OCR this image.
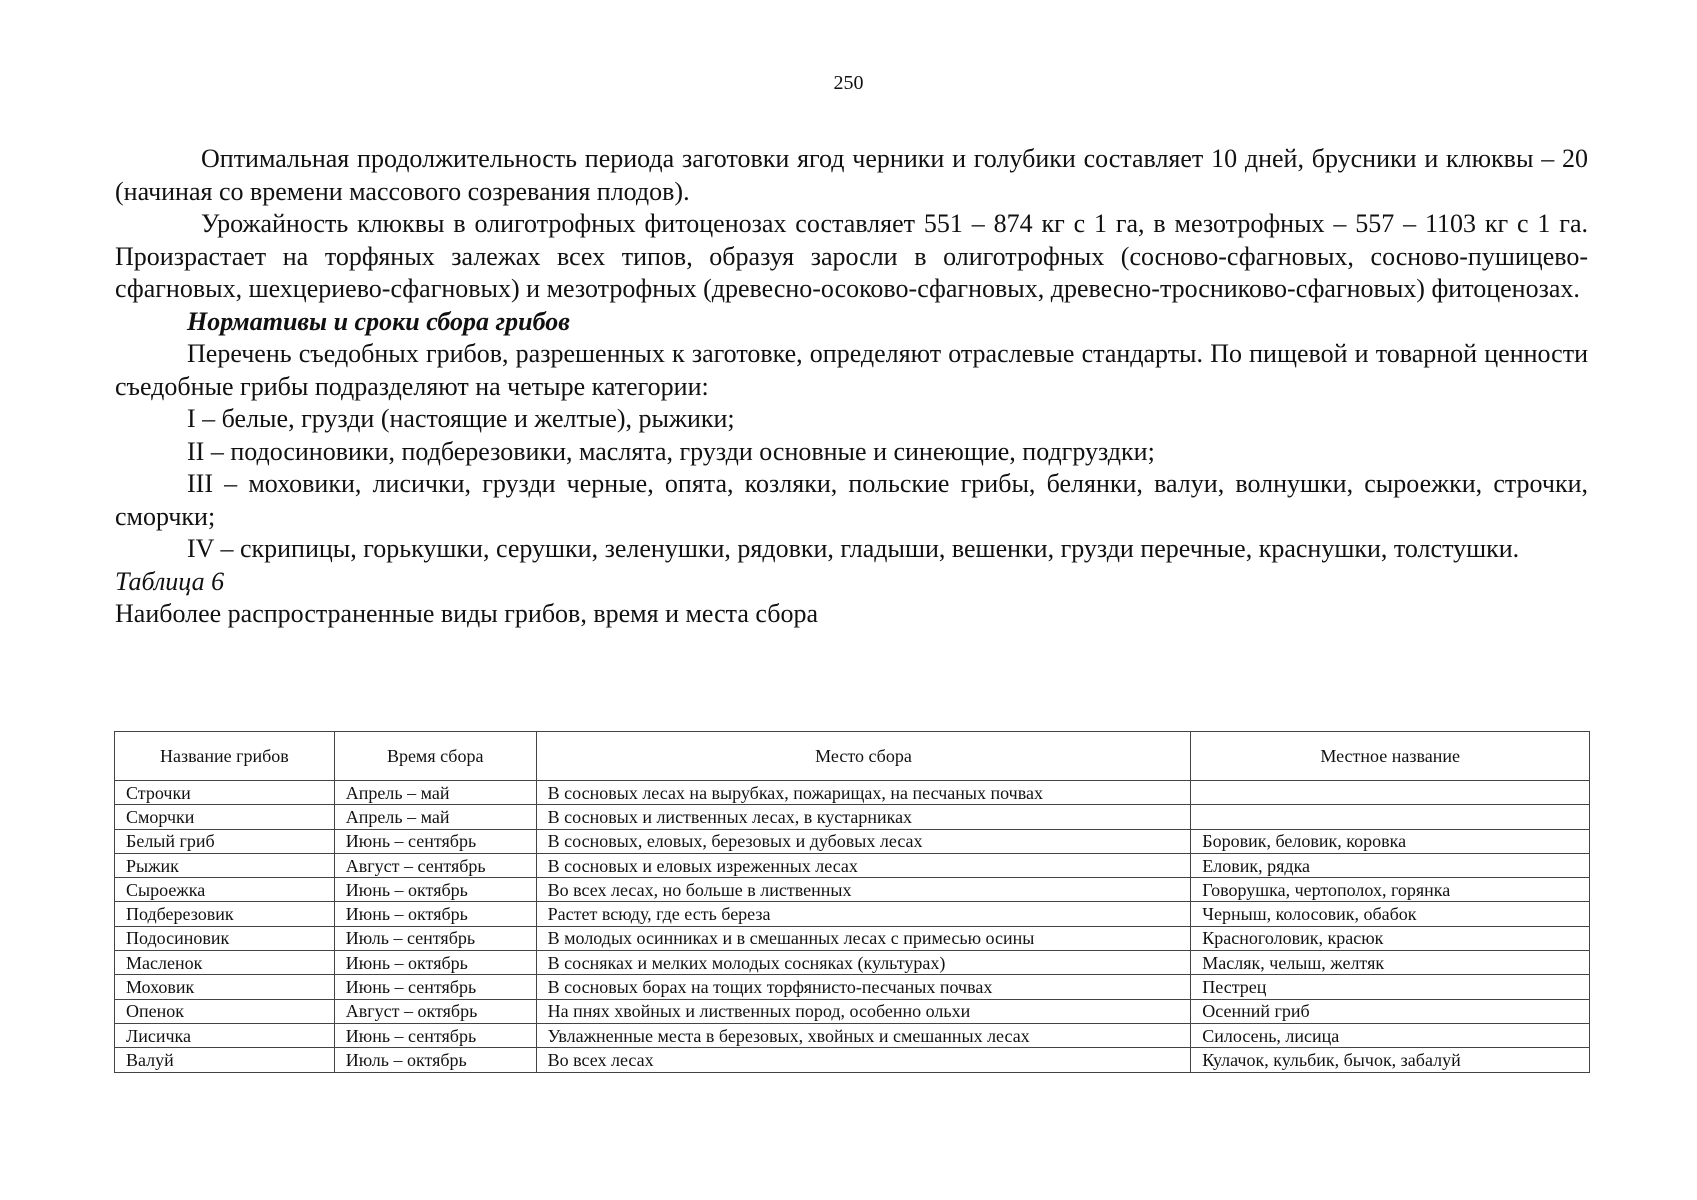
250

Оптимальная продолжительность периода заготовки ягод черники и голубики составляет 10 дней, брусники и клюквы – 20 (начиная со времени массового созревания плодов).

Урожайность клюквы в олиготрофных фитоценозах составляет 551 – 874 кг с 1 га, в мезотрофных – 557 – 1103 кг с 1 га. Произрастает на торфяных залежах всех типов, образуя заросли в олиготрофных (сосново-сфагновых, сосново-пушицево-сфагновых, шехцериево-сфагновых) и мезотрофных (древесно-осоково-сфагновых, древесно-тросниково-сфагновых) фитоценозах.

Нормативы и сроки сбора грибов

Перечень съедобных грибов, разрешенных к заготовке, определяют отраслевые стандарты. По пищевой и товарной ценности съедобные грибы подразделяют на четыре категории:

I – белые, грузди (настоящие и желтые), рыжики;

II – подосиновики, подберезовики, маслята, грузди основные и синеющие, подгруздки;

III – моховики, лисички, грузди черные, опята, козляки, польские грибы, белянки, валуи, волнушки, сыроежки, строчки, сморчки;

IV – скрипицы, горькушки, серушки, зеленушки, рядовки, гладыши, вешенки, грузди перечные, краснушки, толстушки.

Таблица 6

Наиболее распространенные виды грибов, время и места сбора

Название грибов	Время сбора	Место сбора	Местное название
Строчки	Апрель – май	В сосновых лесах на вырубках, пожарищах, на песчаных почвах	
Сморчки	Апрель – май	В сосновых и лиственных лесах, в кустарниках	
Белый гриб	Июнь – сентябрь	В сосновых, еловых, березовых и дубовых лесах	Боровик, беловик, коровка
Рыжик	Август – сентябрь	В сосновых и еловых изреженных лесах	Еловик, рядка
Сыроежка	Июнь – октябрь	Во всех лесах, но больше в лиственных	Говорушка, чертополох, горянка
Подберезовик	Июнь – октябрь	Растет всюду, где есть береза	Черныш, колосовик, обабок
Подосиновик	Июль – сентябрь	В молодых осинниках и в смешанных лесах с примесью осины	Красноголовик, красюк
Масленок	Июнь – октябрь	В сосняках и мелких молодых сосняках (культурах)	Масляк, челыш, желтяк
Моховик	Июнь – сентябрь	В сосновых борах на тощих торфянисто-песчаных почвах	Пестрец
Опенок	Август – октябрь	На пнях хвойных и лиственных пород, особенно ольхи	Осенний гриб
Лисичка	Июнь – сентябрь	Увлажненные места в березовых, хвойных и смешанных лесах	Силосень, лисица
Валуй	Июль – октябрь	Во всех лесах	Кулачок, кульбик, бычок, забалуй
